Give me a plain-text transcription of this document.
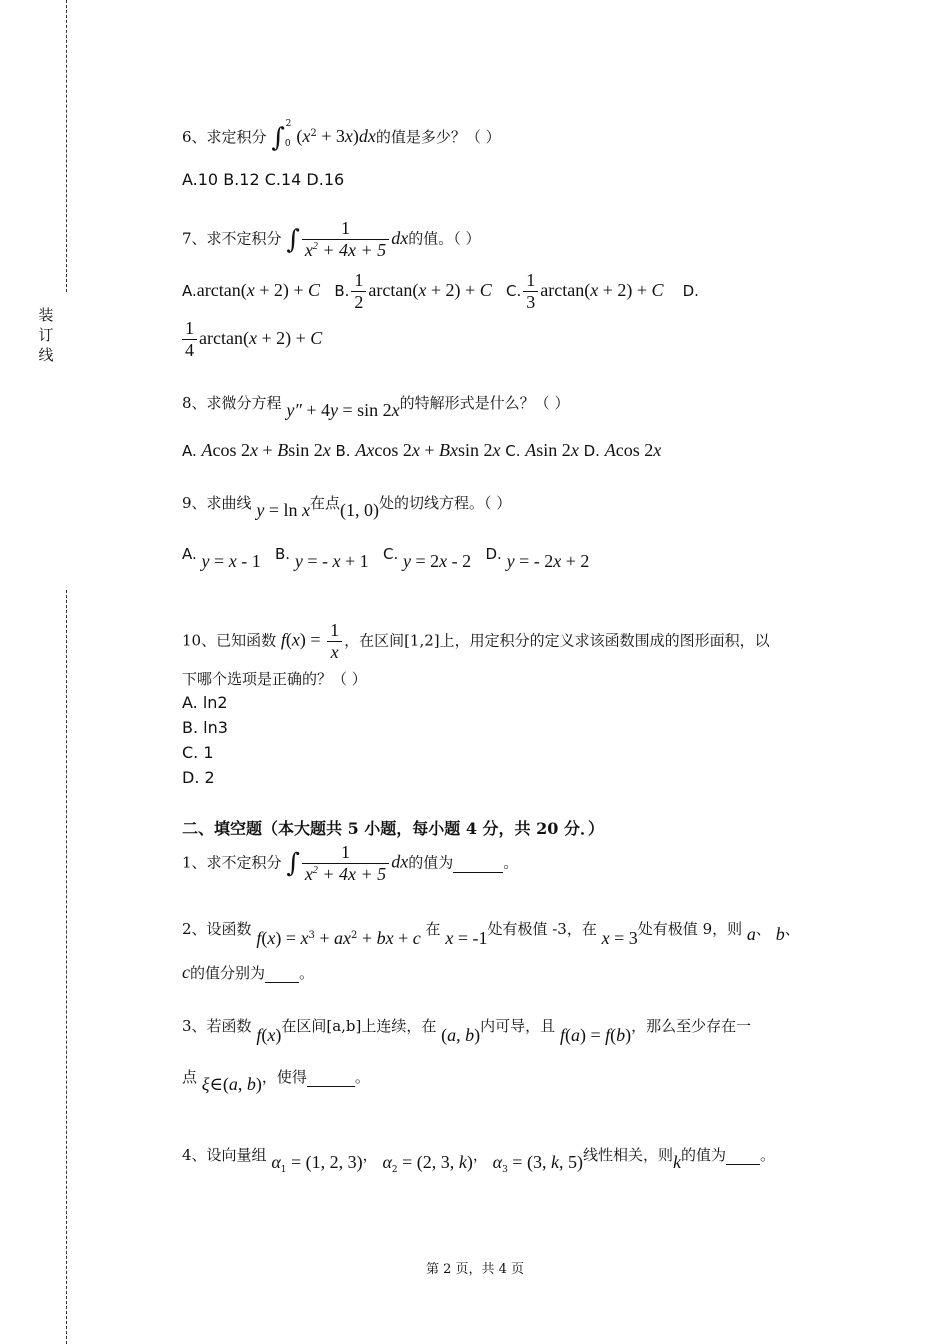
装订线
6、求定积分 $\int_0^2(x^2 + 3x)dx$的值是多少？（ ）
A.10 B.12 C.14 D.16
7、求不定积分 ∫ $\frac{1}{x^2 + 4x + 5}$ dx的值。（ ）
A.arctan(x + 2) + C B. $\frac{1}{2} \arctan(x + 2) + C$ C. $\frac{1}{3} \arctan(x + 2) + C$ D.
$\frac{1}{4} \arctan(x + 2) + C$
8、求微分方程 y″ + 4y = sin 2x的特解形式是什么？（ ）
A. Acos 2x + Bsin 2x B. Axcos 2x + Bxsin 2x C. Asin 2x D. Acos 2x
9、求曲线 y = ln x在点(1, 0)处的切线方程。（ ）
A. y = x - 1 B. y = - x + 1 C. y = 2x - 2 D. y = - 2x + 2
10、已知函数 $f(x) = \frac{1}{x}$ ，在区间[1,2]上，用定积分的定义求该函数围成的图形面积，以
下哪个选项是正确的？（ ）
A. ln2
B. ln3
C. 1
D. 2
二、填空题（本大题共 5 小题，每小题 4 分，共 20 分．）
1、求不定积分 ∫ $\frac{1}{x^2 + 4x + 5}$ dx的值为	。
2、设函数 $f(x) = x^3 + ax^2$ + bx + c 在 x = -1处有极值 -3，在 x = 3处有极值 9，则 a、 b、
c的值分别为 。
3、若函数 f(x)在区间[a,b]上连续，在 (a, b)内可导，且 f(a) = f(b)，那么至少存在一
点 ξ∈(a, b)，使得	。
4、设向量组 $\alpha_1 = (1$, 2, 3)， $\alpha_2 = (2$, 3, k)， $\alpha_3 = (3$, k, 5)线性相关，则k的值为 。
第 2 页，共 4 页
